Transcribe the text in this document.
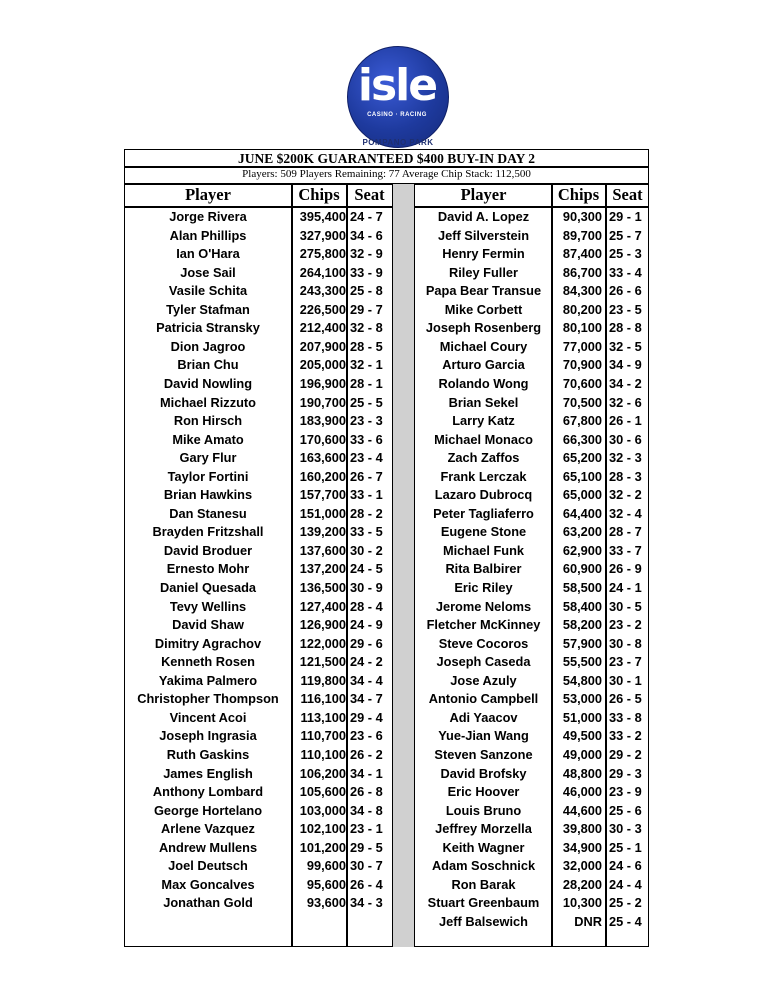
isle
CASINO · RACING
POMPANO PARK
JUNE $200K GUARANTEED $400 BUY-IN DAY 2
Players: 509 Players Remaining: 77 Average Chip Stack: 112,500
Player	Chips Seat	Player	Chips Seat
Jorge Rivera	395,400 24 - 7
Alan Phillips	327,900 34 - 6
Ian O'Hara	275,800 32 - 9
Jose Sail	264,100 33 - 9
Vasile Schita	243,300 25 - 8
Tyler Stafman	226,500 29 - 7
Patricia Stransky	212,400 32 - 8
Dion Jagroo	207,900 28 - 5
Brian Chu	205,000 32 - 1
David Nowling	196,900 28 - 1
Michael Rizzuto	190,700 25 - 5
Ron Hirsch	183,900 23 - 3
Mike Amato	170,600 33 - 6
Gary Flur	163,600 23 - 4
Taylor Fortini	160,200 26 - 7
Brian Hawkins	157,700 33 - 1
Dan Stanesu	151,000 28 - 2
Brayden Fritzshall	139,200 33 - 5
David Broduer	137,600 30 - 2
Ernesto Mohr	137,200 24 - 5
Daniel Quesada	136,500 30 - 9
Tevy Wellins	127,400 28 - 4
David Shaw	126,900 24 - 9
Dimitry Agrachov	122,000 29 - 6
Kenneth Rosen	121,500 24 - 2
Yakima Palmero	119,800 34 - 4
Christopher Thompson	116,100 34 - 7
Vincent Acoi	113,100 29 - 4
Joseph Ingrasia	110,700 23 - 6
Ruth Gaskins	110,100 26 - 2
James English	106,200 34 - 1
Anthony Lombard	105,600 26 - 8
George Hortelano	103,000 34 - 8
Arlene Vazquez	102,100 23 - 1
Andrew Mullens	101,200 29 - 5
Joel Deutsch	99,600 30 - 7
Max Goncalves	95,600 26 - 4
Jonathan Gold	93,600 34 - 3
David A. Lopez	90,300 29 - 1
Jeff Silverstein	89,700 25 - 7
Henry Fermin	87,400 25 - 3
Riley Fuller	86,700 33 - 4
Papa Bear Transue	84,300 26 - 6
Mike Corbett	80,200 23 - 5
Joseph Rosenberg	80,100 28 - 8
Michael Coury	77,000 32 - 5
Arturo Garcia	70,900 34 - 9
Rolando Wong	70,600 34 - 2
Brian Sekel	70,500 32 - 6
Larry Katz	67,800 26 - 1
Michael Monaco	66,300 30 - 6
Zach Zaffos	65,200 32 - 3
Frank Lerczak	65,100 28 - 3
Lazaro Dubrocq	65,000 32 - 2
Peter Tagliaferro	64,400 32 - 4
Eugene Stone	63,200 28 - 7
Michael Funk	62,900 33 - 7
Rita Balbirer	60,900 26 - 9
Eric Riley	58,500 24 - 1
Jerome Neloms	58,400 30 - 5
Fletcher McKinney	58,200 23 - 2
Steve Cocoros	57,900 30 - 8
Joseph Caseda	55,500 23 - 7
Jose Azuly	54,800 30 - 1
Antonio Campbell	53,000 26 - 5
Adi Yaacov	51,000 33 - 8
Yue-Jian Wang	49,500 33 - 2
Steven Sanzone	49,000 29 - 2
David Brofsky	48,800 29 - 3
Eric Hoover	46,000 23 - 9
Louis Bruno	44,600 25 - 6
Jeffrey Morzella	39,800 30 - 3
Keith Wagner	34,900 25 - 1
Adam Soschnick	32,000 24 - 6
Ron Barak	28,200 24 - 4
Stuart Greenbaum	10,300 25 - 2
Jeff Balsewich	DNR 25 - 4
